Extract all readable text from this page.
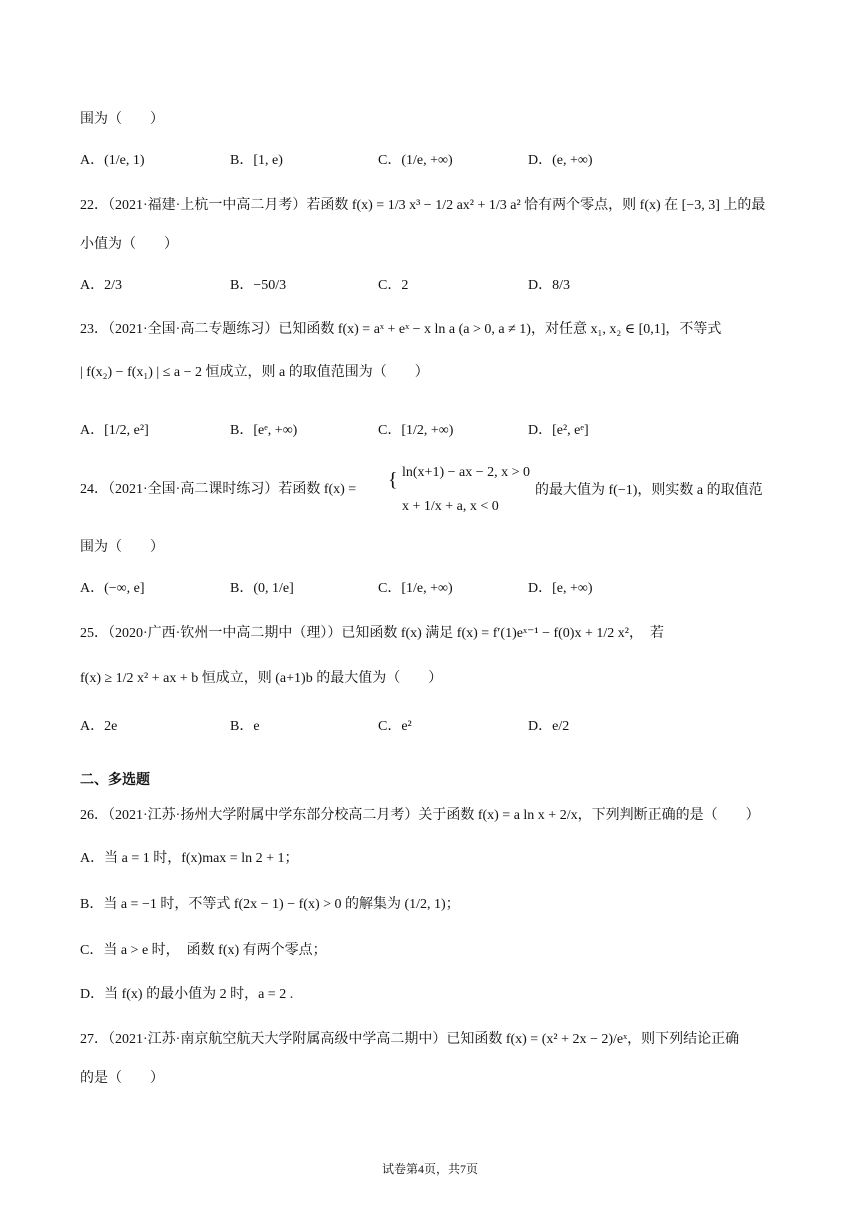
围为（　　）
A．(1/e, 1)	B．[1, e)	C．(1/e, +∞)	D．(e, +∞)
22．（2021·福建·上杭一中高二月考）若函数 f(x) = 1/3 x³ − 1/2 ax² + 1/3 a² 恰有两个零点，则 f(x) 在 [−3, 3] 上的最
小值为（　　）
A．2/3	B．−50/3	C．2	D．8/3
23．（2021·全国·高二专题练习）已知函数 f(x) = aˣ + eˣ − x ln a (a > 0, a ≠ 1)，对任意 x₁, x₂ ∈ [0,1]，不等式
| f(x₂) − f(x₁) | ≤ a − 2 恒成立，则 a 的取值范围为（　　）
A．[1/2, e²]	B．[eᵉ, +∞)	C．[1/2, +∞)	D．[e², eᵉ]
24．（2021·全国·高二课时练习）若函数 f(x) = { ln(x+1) − ax − 2, x > 0
x + 1/x + a, x < 0
的最大值为 f(−1)，则实数 a 的取值范
围为（　　）
A．(−∞, e]	B．(0, 1/e]	C．[1/e, +∞)	D．[e, +∞)
25．（2020·广西·钦州一中高二期中（理））已知函数 f(x) 满足 f(x) = f′(1)eˣ⁻¹ − f(0)x + 1/2 x²，　若
f(x) ≥ 1/2 x² + ax + b 恒成立，则 (a+1)b 的最大值为（　　）
A．2e	B．e	C．e²	D．e/2
二、多选题
26．（2021·江苏·扬州大学附属中学东部分校高二月考）关于函数 f(x) = a ln x + 2/x，下列判断正确的是（　　）
A．当 a = 1 时，f(x)max = ln 2 + 1；
B．当 a = −1 时，不等式 f(2x − 1) − f(x) > 0 的解集为 (1/2, 1)；
C．当 a > e 时，　函数 f(x) 有两个零点；
D．当 f(x) 的最小值为 2 时，a = 2 .
27．（2021·江苏·南京航空航天大学附属高级中学高二期中）已知函数 f(x) = (x² + 2x − 2)/eˣ，则下列结论正确
的是（　　）
试卷第4页，共7页
